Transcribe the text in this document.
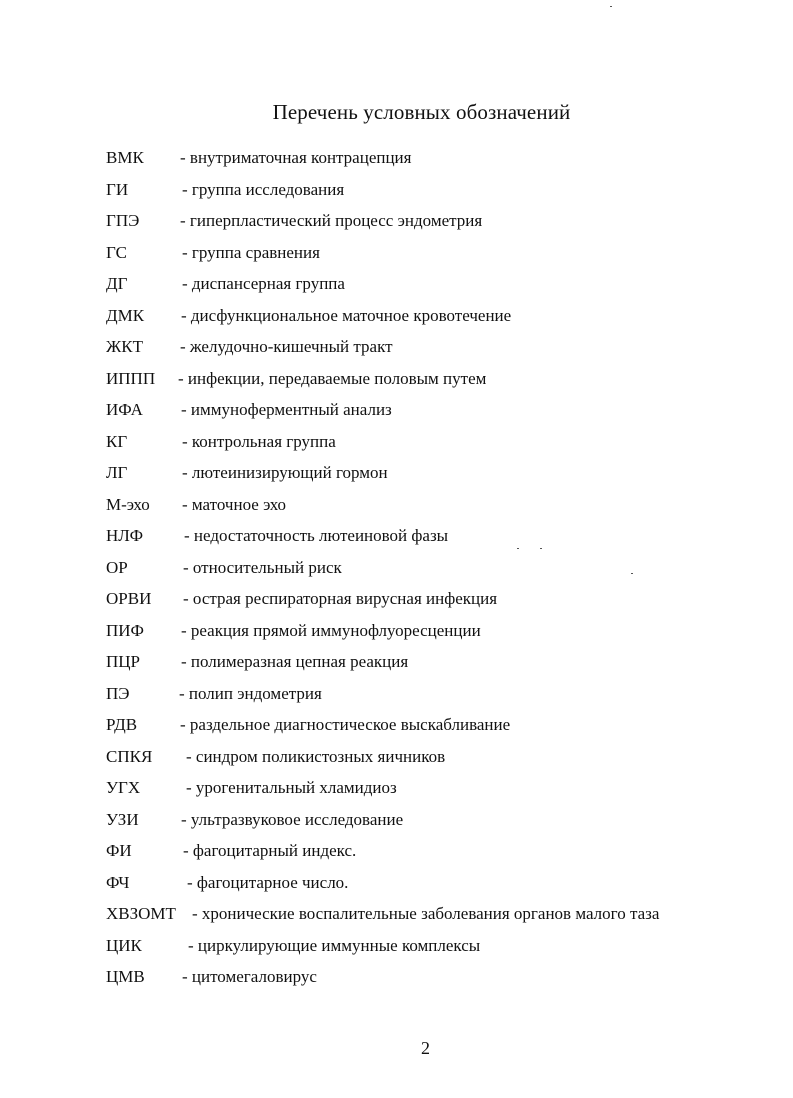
Перечень условных обозначений
ВМК - внутриматочная контрацепция
ГИ	- группа исследования
ГПЭ - гиперпластический процесс эндометрия
ГС	- группа сравнения
ДГ	- диспансерная группа
ДМК - дисфункциональное маточное кровотечение
ЖКТ - желудочно-кишечный тракт
ИППП - инфекции, передаваемые половым путем
ИФА - иммуноферментный анализ
КГ	- контрольная группа
ЛГ	- лютеинизирующий гормон
М-эхо - маточное эхо
НЛФ - недостаточность лютеиновой фазы
ОР	- относительный риск
ОРВИ - острая респираторная вирусная инфекция
ПИФ - реакция прямой иммунофлуоресценции
ПЦР - полимеразная цепная реакция
ПЭ	- полип эндометрия
РДВ	- раздельное диагностическое выскабливание
СПКЯ - синдром поликистозных яичников
УГХ	- урогенитальный хламидиоз
УЗИ - ультразвуковое исследование
ФИ	- фагоцитарный индекс.
ФЧ	- фагоцитарное число.
ХВЗОМТ - хронические воспалительные заболевания органов малого таза
ЦИК	- циркулирующие иммунные комплексы
ЦМВ - цитомегаловирус
2
